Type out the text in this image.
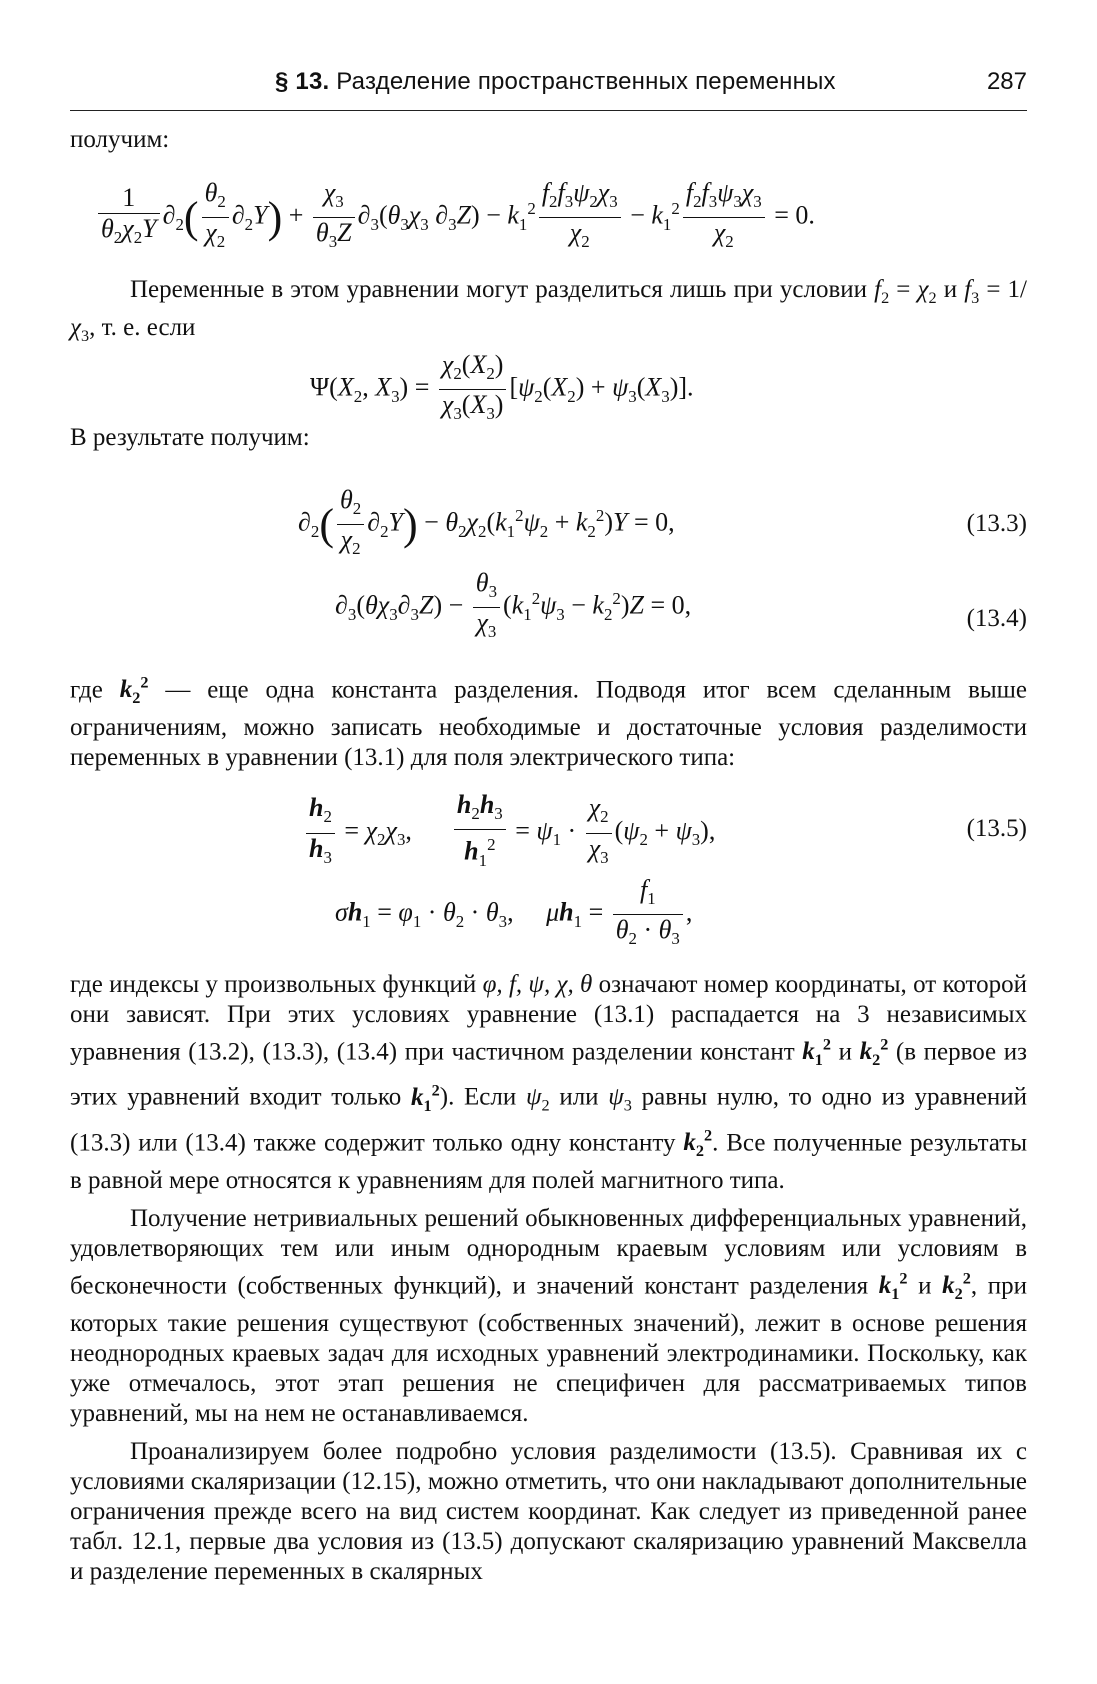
§ 13. Разделение пространственных переменных	287

получим:

$\frac{1}{\theta_2\chi_2Y} \partial_2( \frac{\theta_2}{\chi_2} \partial_2Y) + \frac{\chi_3}{\theta_3Z} \partial_3(\theta_3\chi_3$ $\partial_3Z) - k_1^2 \frac{f_2f_3\psi_2\chi_3}{\chi_2} - k_1^2 \frac{f_2f_3\psi_3\chi_3}{\chi_2} = 0$.

Переменные в этом уравнении могут разделиться лишь при условии $f_2 = \chi_2$ и $f_3 = 1/\chi_3$, т. е. если

$\Psi(X_2$, $X_3) = \frac{\chi_2(X_2)}{\chi_3(X_3)} [\psi_2(X_2) + \psi_3(X_3)]$.

В результате получим:

$\partial_2( \frac{\theta_2}{\chi_2} \partial_2Y) - \theta_2\chi_2(k_1^2\psi_2 + k_2^2)Y = 0$,	(13.3)
$\partial_3(\theta\chi_3\partial_3Z) - \frac{\theta_3}{\chi_3} (k_1^2\psi_3 - k_2^2)Z = 0$,	(13.4)

где $k_2^2$ — еще одна константа разделения. Подводя итог всем сделанным выше ограничениям, можно записать необходимые и достаточные условия разделимости переменных в уравнении (13.1) для поля электрического типа:

$\frac{h_2}{h_3} = \chi_2\chi_3$, $\frac{h_2h_3}{h_1^2} = \psi_1 \cdot \frac{\chi_2}{\chi_3} (\psi_2 + \psi_3)$,	(13.5)
$\sigma h_1 = \varphi_1 \cdot \theta_2 \cdot \theta_3$,     $\mu h_1 = \frac{f_1}{\theta_2 \cdot \theta_3}$ ,

где индексы у произвольных функций φ, f, ψ, χ, θ означают номер координаты, от которой они зависят. При этих условиях уравнение (13.1) распадается на 3 независимых уравнения (13.2), (13.3), (13.4) при частичном разделении констант $k_1^2$ и $k_2^2$ (в первое из этих уравнений входит только $k_1^2$). Если $\psi_2$ или $\psi_3$ равны нулю, то одно из уравнений (13.3) или (13.4) также содержит только одну константу $k_2^2$. Все полученные результаты в равной мере относятся к уравнениям для полей магнитного типа.

Получение нетривиальных решений обыкновенных дифференциальных уравнений, удовлетворяющих тем или иным однородным краевым условиям или условиям в бесконечности (собственных функций), и значений констант разделения $k_1^2$ и $k_2^2$, при которых такие решения существуют (собственных значений), лежит в основе решения неоднородных краевых задач для исходных уравнений электродинамики. Поскольку, как уже отмечалось, этот этап решения не специфичен для рассматриваемых типов уравнений, мы на нем не останавливаемся.

Проанализируем более подробно условия разделимости (13.5). Сравнивая их с условиями скаляризации (12.15), можно отметить, что они накладывают дополнительные ограничения прежде всего на вид систем координат. Как следует из приведенной ранее табл. 12.1, первые два условия из (13.5) допускают скаляризацию уравнений Максвелла и разделение переменных в скалярных
